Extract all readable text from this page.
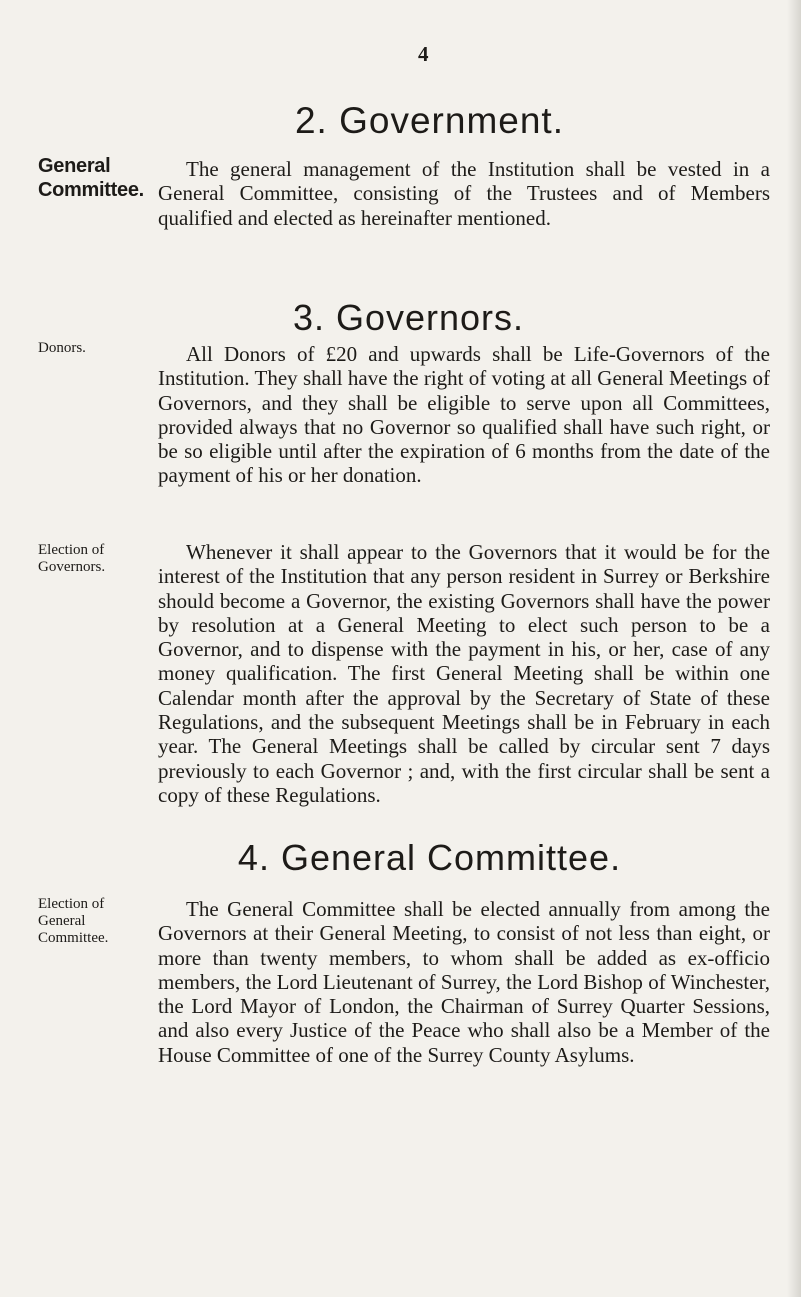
4
2. Government.
General Committee.
The general management of the Institution shall be vested in a General Committee, consisting of the Trustees and of Members qualified and elected as hereinafter mentioned.
3. Governors.
Donors.	All Donors of £20 and upwards shall be Life-Governors of the Institution. They shall have the right of voting at all General Meetings of Governors, and they shall be eligible to serve upon all Committees, provided always that no Governor so qualified shall have such right, or be so eligible until after the expiration of 6 months from the date of the payment of his or her donation.
Election of Governors.
Whenever it shall appear to the Governors that it would be for the interest of the Institution that any person resident in Surrey or Berkshire should become a Governor, the existing Governors shall have the power by resolution at a General Meeting to elect such person to be a Governor, and to dispense with the payment in his, or her, case of any money qualification. The first General Meeting shall be within one Calendar month after the approval by the Secretary of State of these Regulations, and the subsequent Meetings shall be in February in each year. The General Meetings shall be called by circular sent 7 days previously to each Governor ; and, with the first circular shall be sent a copy of these Regulations.
4. General Committee.
Election of General Committee.
The General Committee shall be elected annually from among the Governors at their General Meeting, to consist of not less than eight, or more than twenty members, to whom shall be added as ex-officio members, the Lord Lieutenant of Surrey, the Lord Bishop of Winchester, the Lord Mayor of London, the Chairman of Surrey Quarter Sessions, and also every Justice of the Peace who shall also be a Member of the House Committee of one of the Surrey County Asylums.
